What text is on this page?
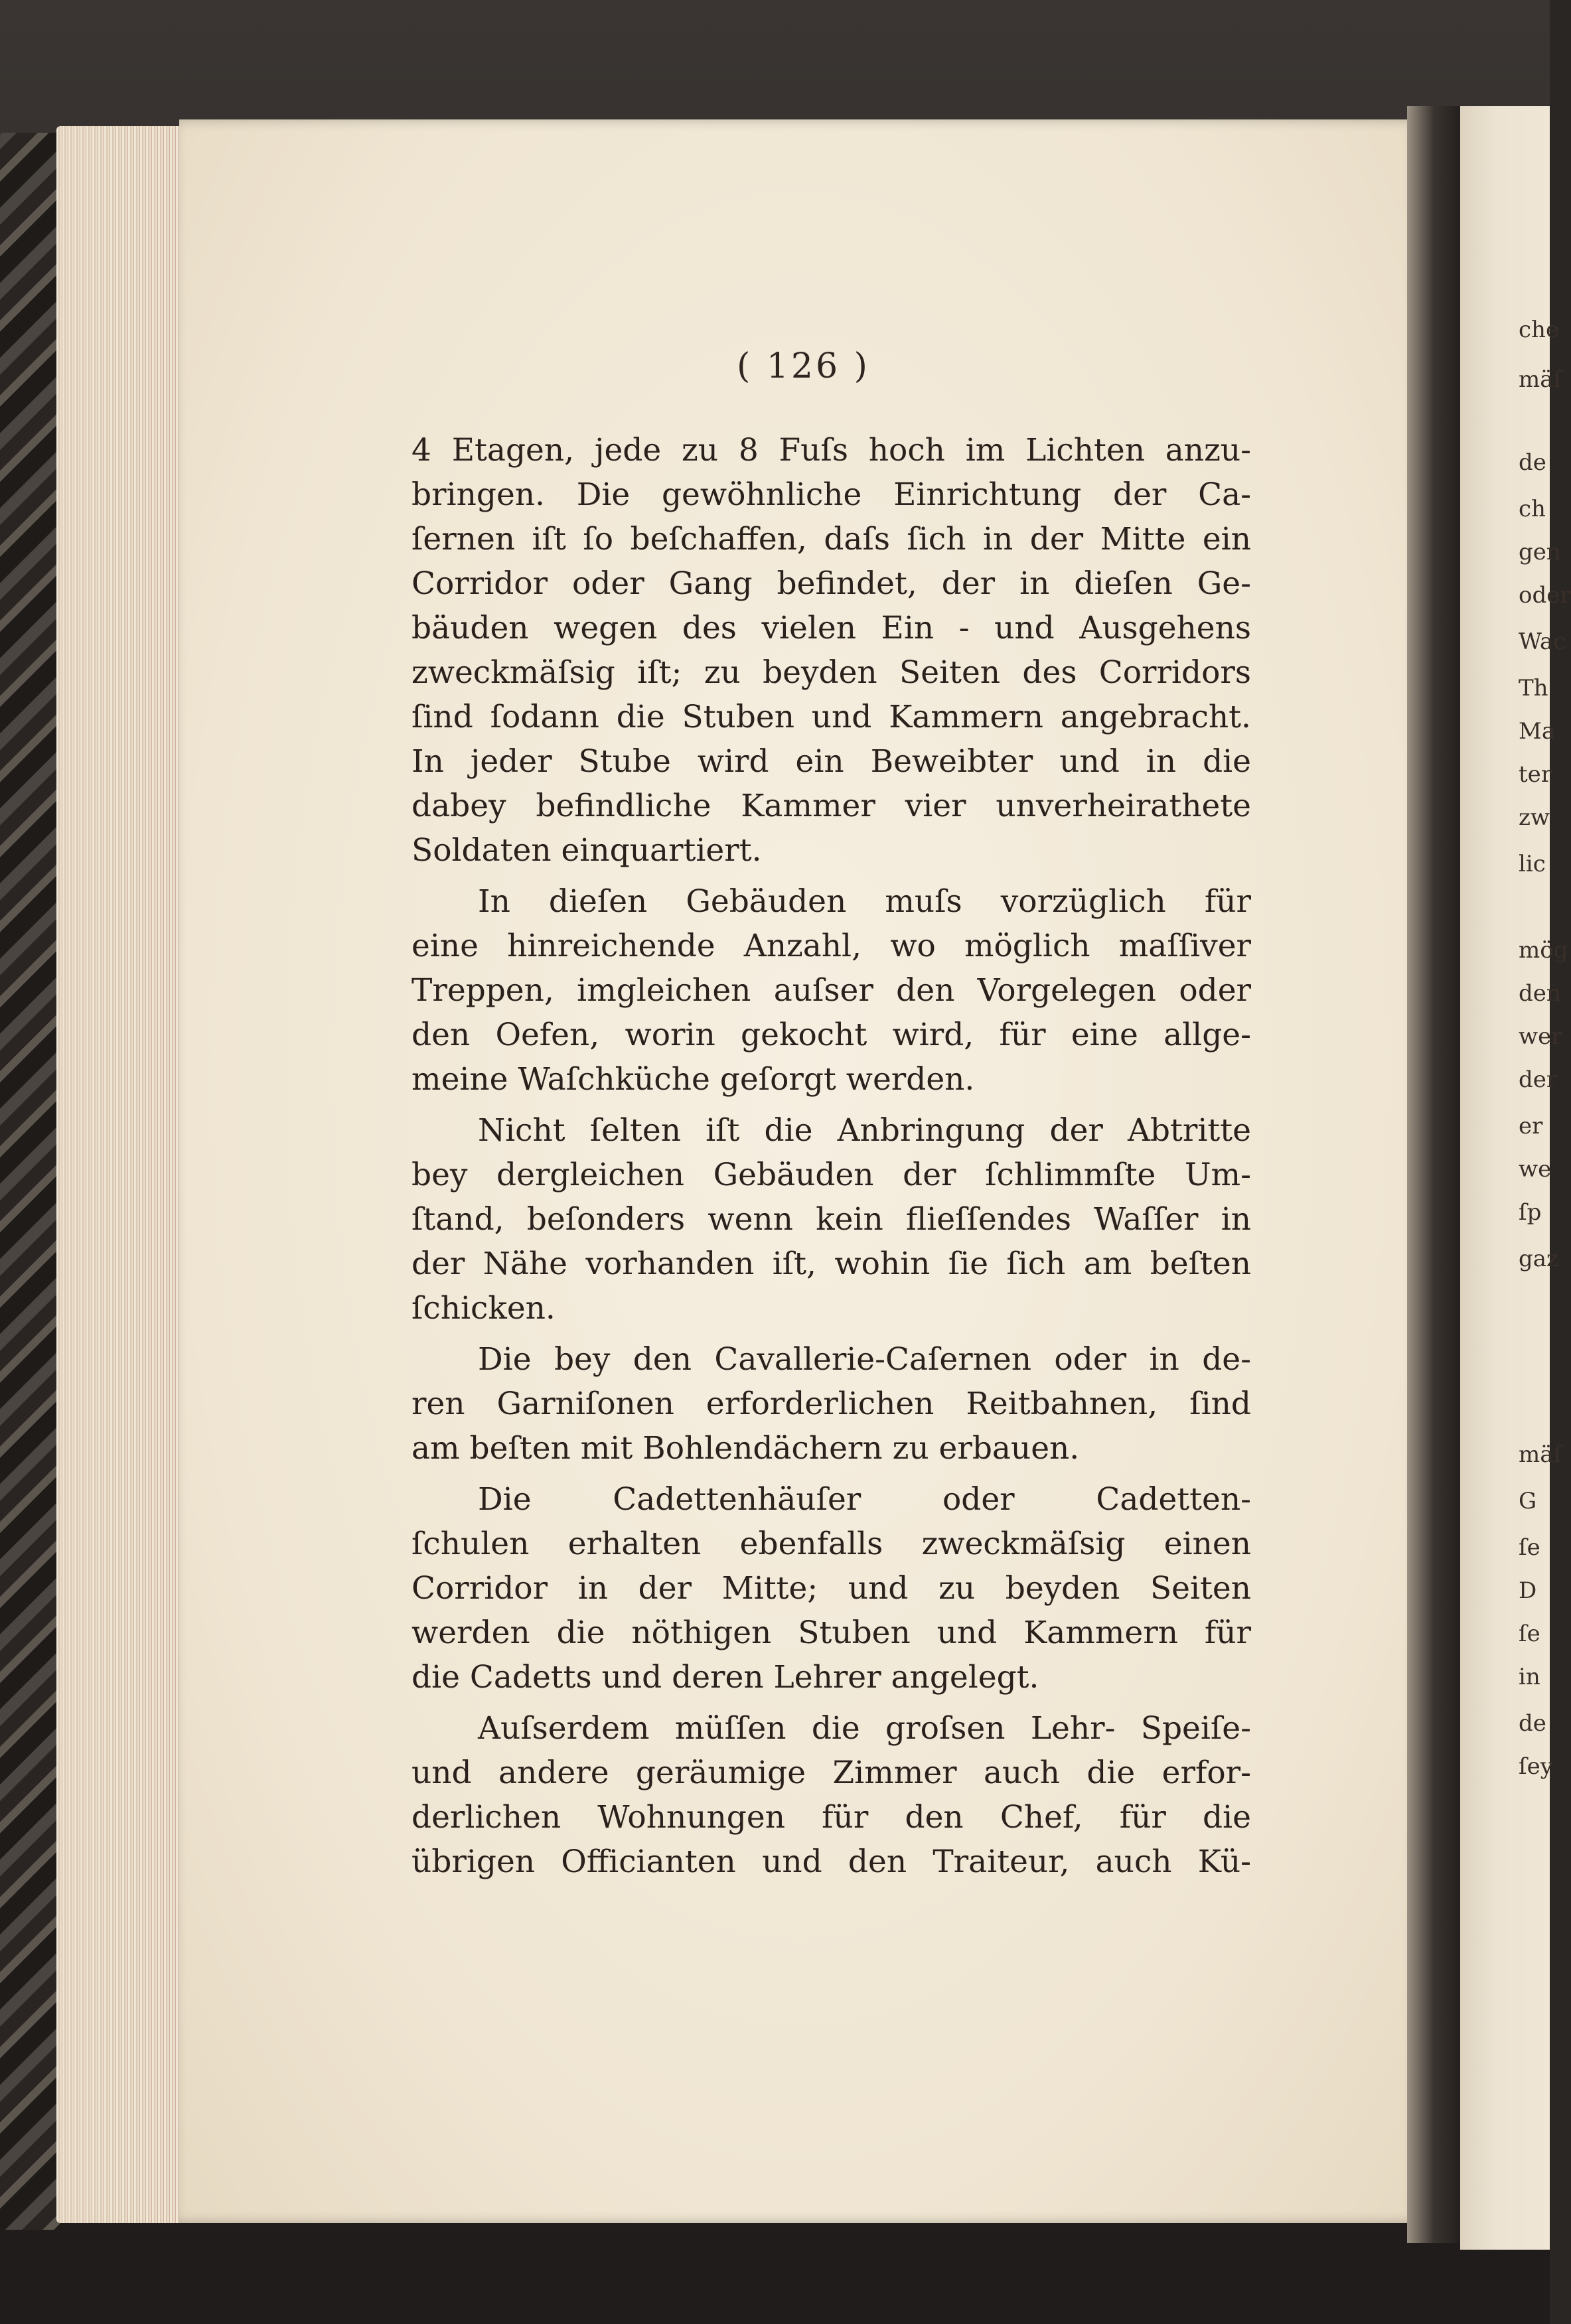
che
mäſ
de
ch
gen
oder
Wac
Th
Ma
ter
zw
lic
mög
den
wer
der
er
we
ſp
gaz
mäſ
G
ſe
D
ſe
in
de
ſey
( 126 )
4 Etagen, jede zu 8 Fuſs hoch im Lichten anzu-
bringen. Die gewöhnliche Einrichtung der Ca-
ſernen iſt ſo beſchaffen, daſs ſich in der Mitte ein
Corridor oder Gang befindet, der in dieſen Ge-
bäuden wegen des vielen Ein - und Ausgehens
zweckmäſsig iſt; zu beyden Seiten des Corridors
ſind ſodann die Stuben und Kammern angebracht.
In jeder Stube wird ein Beweibter und in die
dabey befindliche Kammer vier unverheirathete
Soldaten einquartiert.
In dieſen Gebäuden muſs vorzüglich für
eine hinreichende Anzahl, wo möglich maſſiver
Treppen, imgleichen auſser den Vorgelegen oder
den Oefen, worin gekocht wird, für eine allge-
meine Waſchküche geſorgt werden.
Nicht ſelten iſt die Anbringung der Abtritte
bey dergleichen Gebäuden der ſchlimmſte Um-
ſtand, beſonders wenn kein flieſſendes Waſſer in
der Nähe vorhanden iſt, wohin ſie ſich am beſten
ſchicken.
Die bey den Cavallerie-Caſernen oder in de-
ren Garniſonen erforderlichen Reitbahnen, ſind
am beſten mit Bohlendächern zu erbauen.
Die Cadettenhäuſer oder Cadetten-
ſchulen erhalten ebenfalls zweckmäſsig einen
Corridor in der Mitte; und zu beyden Seiten
werden die nöthigen Stuben und Kammern für
die Cadetts und deren Lehrer angelegt.
Auſserdem müſſen die groſsen Lehr- Speiſe-
und andere geräumige Zimmer auch die erfor-
derlichen Wohnungen für den Chef, für die
übrigen Officianten und den Traiteur, auch Kü-
